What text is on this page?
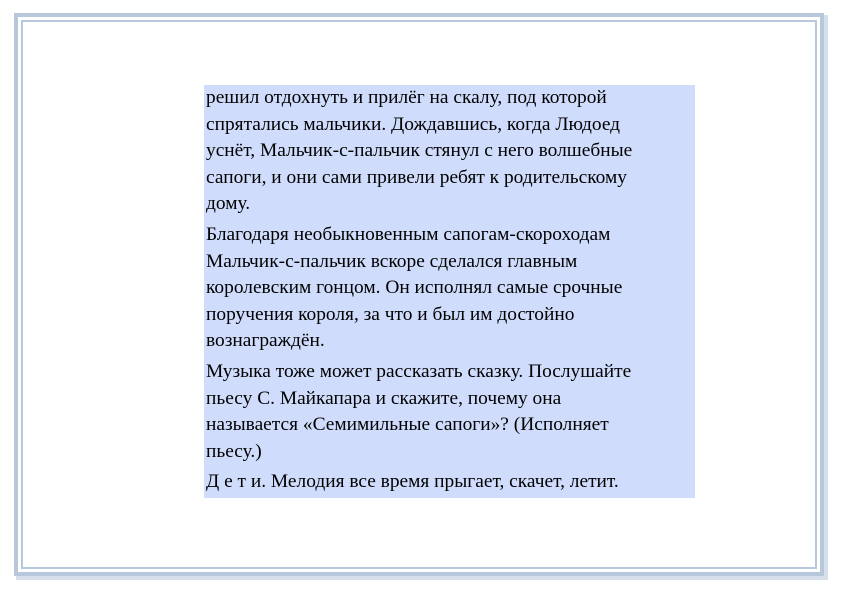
решил отдохнуть и прилёг на скалу, под которой
спрятались мальчики. Дождавшись, когда Людоед
уснёт, Мальчик-с-пальчик стянул с него волшебные
сапоги, и они сами привели ребят к родительскому
дому.
Благодаря необыкновенным сапогам-скороходам
Мальчик-с-пальчик вскоре сделался главным
королевским гонцом. Он исполнял самые срочные
поручения короля, за что и был им достойно
вознаграждён.
Музыка тоже может рассказать сказку. Послушайте
пьесу С. Майкапара и скажите, почему она
называется «Семимильные сапоги»? (Исполняет
пьесу.)
Д е т и. Мелодия все время прыгает, скачет, летит.
